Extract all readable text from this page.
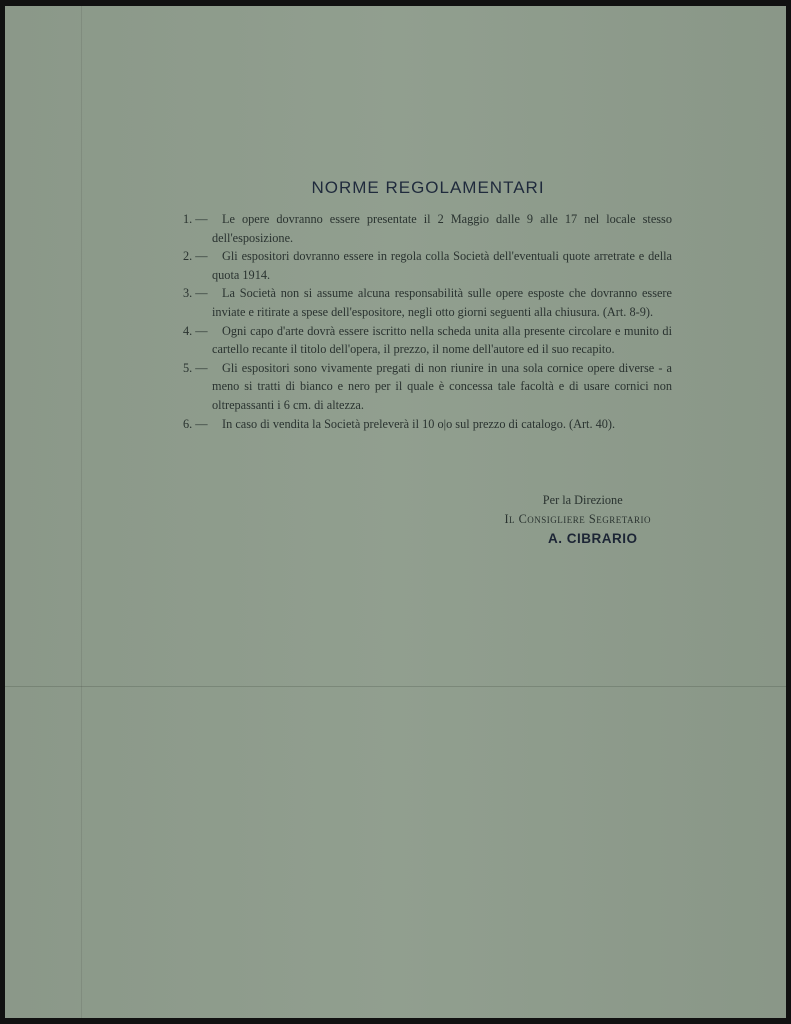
NORME REGOLAMENTARI
1. —	Le opere dovranno essere presentate il 2 Maggio dalle 9 alle 17 nel locale stesso dell'esposizione.
2. —	Gli espositori dovranno essere in regola colla Società dell'eventuali quote arretrate e della quota 1914.
3. —	La Società non si assume alcuna responsabilità sulle opere esposte che dovranno essere inviate e ritirate a spese dell'espositore, negli otto giorni seguenti alla chiusura. (Art. 8-9).
4. —	Ogni capo d'arte dovrà essere iscritto nella scheda unita alla presente circolare e munito di cartello recante il titolo dell'opera, il prezzo, il nome dell'autore ed il suo recapito.
5. —	Gli espositori sono vivamente pregati di non riunire in una sola cornice opere diverse - a meno si tratti di bianco e nero per il quale è concessa tale facoltà e di usare cornici non oltrepassanti i 6 cm. di altezza.
6. —	In caso di vendita la Società preleverà il 10 o|o sul prezzo di catalogo. (Art. 40).
Per la Direzione
Il Consigliere Segretario
A. CIBRARIO
